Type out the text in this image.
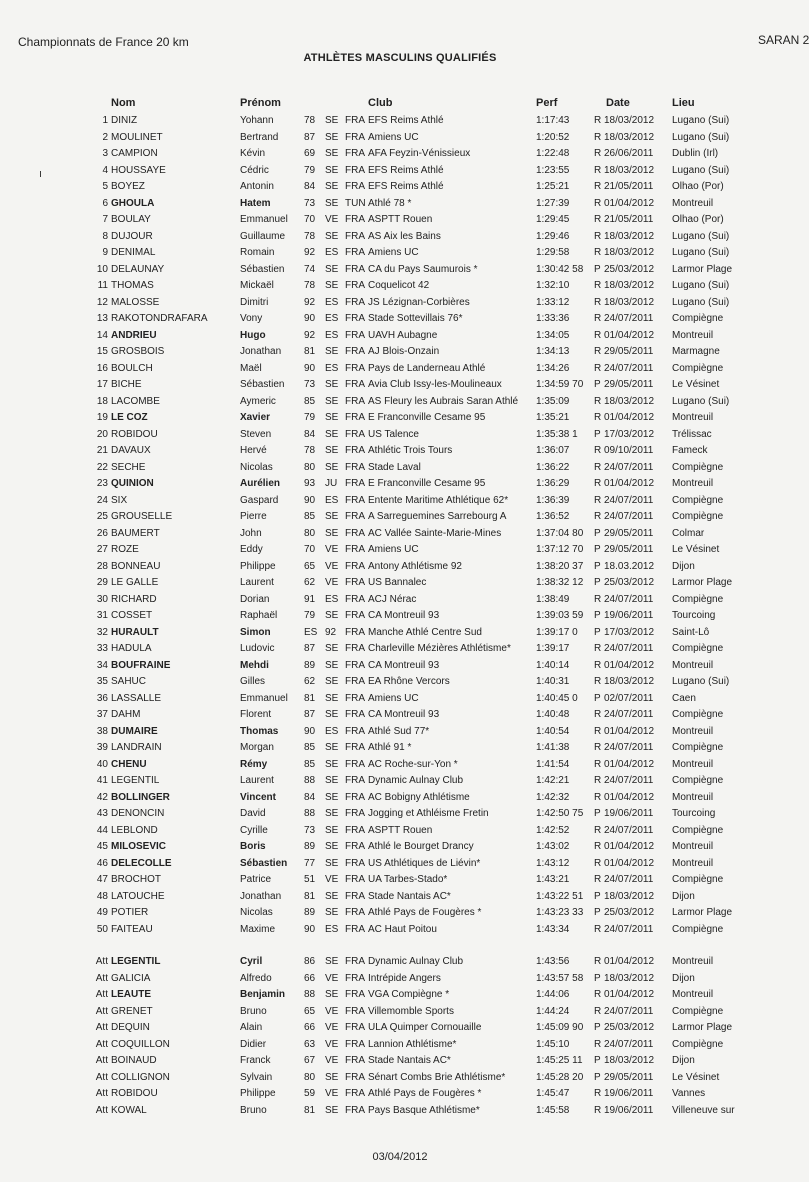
Championnats de France 20 km	SARAN 2
ATHLÈTES MASCULINS QUALIFIÉS
ı
Nom	Prénom	Club	Perf	Date	Lieu
1 DINIZ	Yohann	78 SE FRA EFS Reims Athlé	1:17:43 R 18/03/2012 Lugano (Sui)
2 MOULINET	Bertrand	87 SE FRA Amiens UC	1:20:52 R 18/03/2012 Lugano (Sui)
3 CAMPION	Kévin	69 SE FRA AFA Feyzin-Vénissieux	1:22:48 R 26/06/2011 Dublin (Irl)
4 HOUSSAYE	Cédric	79 SE FRA EFS Reims Athlé	1:23:55 R 18/03/2012 Lugano (Sui)
5 BOYEZ	Antonin	84 SE FRA EFS Reims Athlé	1:25:21 R 21/05/2011 Olhao (Por)
6 GHOULA	Hatem	73 SE TUN Athlé 78 *	1:27:39 R 01/04/2012 Montreuil
7 BOULAY	Emmanuel 70 VE FRA ASPTT Rouen	1:29:45 R 21/05/2011 Olhao (Por)
8 DUJOUR	Guillaume 78 SE FRA AS Aix les Bains	1:29:46 R 18/03/2012 Lugano (Sui)
9 DENIMAL	Romain	92 ES FRA Amiens UC	1:29:58 R 18/03/2012 Lugano (Sui)
10 DELAUNAY	Sébastien 74 SE FRA CA du Pays Saumurois *	1:30:42 58 P 25/03/2012 Larmor Plage
11 THOMAS	Mickaël	78 SE FRA Coquelicot 42	1:32:10 R 18/03/2012 Lugano (Sui)
12 MALOSSE	Dimitri	92 ES FRA JS Lézignan-Corbières	1:33:12 R 18/03/2012 Lugano (Sui)
13 RAKOTONDRAFARA	Vony	90 ES FRA Stade Sottevillais 76*	1:33:36 R 24/07/2011 Compiègne
14 ANDRIEU	Hugo	92 ES FRA UAVH Aubagne	1:34:05 R 01/04/2012 Montreuil
15 GROSBOIS	Jonathan 81 SE FRA AJ Blois-Onzain	1:34:13 R 29/05/2011 Marmagne
16 BOULCH	Maël	90 ES FRA Pays de Landerneau Athlé	1:34:26 R 24/07/2011 Compiègne
17 BICHE	Sébastien 73 SE FRA Avia Club Issy-les-Moulineaux	1:34:59 70 P 29/05/2011 Le Vésinet
18 LACOMBE	Aymeric	85 SE FRA AS Fleury les Aubrais Saran Athlé 1:35:09 R 18/03/2012 Lugano (Sui)
19 LE COZ	Xavier	79 SE FRA E Franconville Cesame 95	1:35:21 R 01/04/2012 Montreuil
20 ROBIDOU	Steven	84 SE FRA US Talence	1:35:38 1 P 17/03/2012 Trélissac
21 DAVAUX	Hervé	78 SE FRA Athlétic Trois Tours	1:36:07 R 09/10/2011 Fameck
22 SECHE	Nicolas	80 SE FRA Stade Laval	1:36:22 R 24/07/2011 Compiègne
23 QUINION	Aurélien 93 JU FRA E Franconville Cesame 95	1:36:29 R 01/04/2012 Montreuil
24 SIX	Gaspard	90 ES FRA Entente Maritime Athlétique 62*	1:36:39 R 24/07/2011 Compiègne
25 GROUSELLE	Pierre	85 SE FRA A Sarreguemines Sarrebourg A	1:36:52 R 24/07/2011 Compiègne
26 BAUMERT	John	80 SE FRA AC Vallée Sainte-Marie-Mines	1:37:04 80 P 29/05/2011 Colmar
27 ROZE	Eddy	70 VE FRA Amiens UC	1:37:12 70 P 29/05/2011 Le Vésinet
28 BONNEAU	Philippe	65 VE FRA Antony Athlétisme 92	1:38:20 37 P 18.03.2012 Dijon
29 LE GALLE	Laurent	62 VE FRA US Bannalec	1:38:32 12 P 25/03/2012 Larmor Plage
30 RICHARD	Dorian	91 ES FRA ACJ Nérac	1:38:49 R 24/07/2011 Compiègne
31 COSSET	Raphaël	79 SE FRA CA Montreuil 93	1:39:03 59 P 19/06/2011 Tourcoing
32 HURAULT	Simon	ES 92 FRA Manche Athlé Centre Sud	1:39:17 0 P 17/03/2012 Saint-Lô
33 HADULA	Ludovic	87 SE FRA Charleville Mézières Athlétisme*	1:39:17 R 24/07/2011 Compiègne
34 BOUFRAINE	Mehdi	89 SE FRA CA Montreuil 93	1:40:14 R 01/04/2012 Montreuil
35 SAHUC	Gilles	62 SE FRA EA Rhône Vercors	1:40:31 R 18/03/2012 Lugano (Sui)
36 LASSALLE	Emmanuel 81 SE FRA Amiens UC	1:40:45 0 P 02/07/2011 Caen
37 DAHM	Florent	87 SE FRA CA Montreuil 93	1:40:48 R 24/07/2011 Compiègne
38 DUMAIRE	Thomas	90 ES FRA Athlé Sud 77*	1:40:54 R 01/04/2012 Montreuil
39 LANDRAIN	Morgan	85 SE FRA Athlé 91 *	1:41:38 R 24/07/2011 Compiègne
40 CHENU	Rémy	85 SE FRA AC Roche-sur-Yon *	1:41:54 R 01/04/2012 Montreuil
41 LEGENTIL	Laurent	88 SE FRA Dynamic Aulnay Club	1:42:21 R 24/07/2011 Compiègne
42 BOLLINGER	Vincent	84 SE FRA AC Bobigny Athlétisme	1:42:32 R 01/04/2012 Montreuil
43 DENONCIN	David	88 SE FRA Jogging et Athléisme Fretin	1:42:50 75 P 19/06/2011 Tourcoing
44 LEBLOND	Cyrille	73 SE FRA ASPTT Rouen	1:42:52 R 24/07/2011 Compiègne
45 MILOSEVIC	Boris	89 SE FRA Athlé le Bourget Drancy	1:43:02 R 01/04/2012 Montreuil
46 DELECOLLE	Sébastien 77 SE FRA US Athlétiques de Liévin*	1:43:12 R 01/04/2012 Montreuil
47 BROCHOT	Patrice	51 VE FRA UA Tarbes-Stado*	1:43:21 R 24/07/2011 Compiègne
48 LATOUCHE	Jonathan 81 SE FRA Stade Nantais AC*	1:43:22 51 P 18/03/2012 Dijon
49 POTIER	Nicolas	89 SE FRA Athlé Pays de Fougères *	1:43:23 33 P 25/03/2012 Larmor Plage
50 FAITEAU	Maxime	90 ES FRA AC Haut Poitou	1:43:34 R 24/07/2011 Compiègne
Att LEGENTIL	Cyril	86 SE FRA Dynamic Aulnay Club	1:43:56 R 01/04/2012 Montreuil
Att GALICIA	Alfredo	66 VE FRA Intrépide Angers	1:43:57 58 P 18/03/2012 Dijon
Att LEAUTE	Benjamin 88 SE FRA VGA Compiègne *	1:44:06 R 01/04/2012 Montreuil
Att GRENET	Bruno	65 VE FRA Villemomble Sports	1:44:24 R 24/07/2011 Compiègne
Att DEQUIN	Alain	66 VE FRA ULA Quimper Cornouaille	1:45:09 90 P 25/03/2012 Larmor Plage
Att COQUILLON	Didier	63 VE FRA Lannion Athlétisme*	1:45:10 R 24/07/2011 Compiègne
Att BOINAUD	Franck	67 VE FRA Stade Nantais AC*	1:45:25 11 P 18/03/2012 Dijon
Att COLLIGNON	Sylvain	80 SE FRA Sénart Combs Brie Athlétisme*	1:45:28 20 P 29/05/2011 Le Vésinet
Att ROBIDOU	Philippe	59 VE FRA Athlé Pays de Fougères *	1:45:47 R 19/06/2011 Vannes
Att KOWAL	Bruno	81 SE FRA Pays Basque Athlétisme*	1:45:58 R 19/06/2011 Villeneuve sur
03/04/2012
